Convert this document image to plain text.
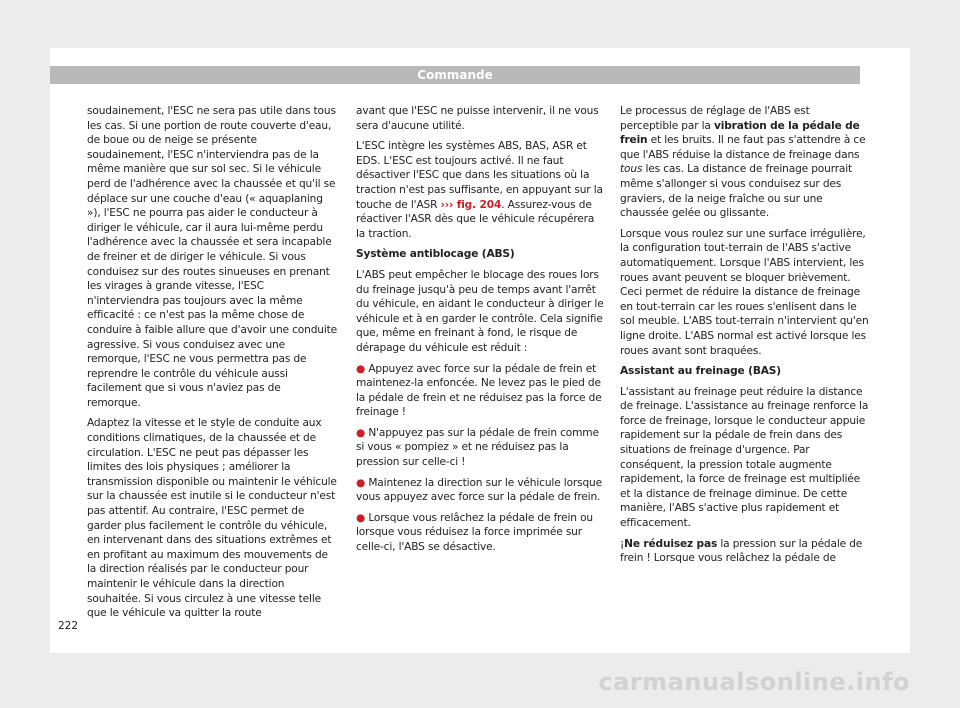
Commande

soudainement, l'ESC ne sera pas utile dans tous les cas. Si une portion de route couverte d'eau, de boue ou de neige se présente soudainement, l'ESC n'interviendra pas de la même manière que sur sol sec. Si le véhicule perd de l'adhérence avec la chaussée et qu'il se déplace sur une couche d'eau (« aquaplaning »), l'ESC ne pourra pas aider le conducteur à diriger le véhicule, car il aura lui-même perdu l'adhérence avec la chaussée et sera incapable de freiner et de diriger le véhicule. Si vous conduisez sur des routes sinueuses en prenant les virages à grande vitesse, l'ESC n'interviendra pas toujours avec la même efficacité : ce n'est pas la même chose de conduire à faible allure que d'avoir une conduite agressive. Si vous conduisez avec une remorque, l'ESC ne vous permettra pas de reprendre le contrôle du véhicule aussi facilement que si vous n'aviez pas de remorque.

Adaptez la vitesse et le style de conduite aux conditions climatiques, de la chaussée et de circulation. L'ESC ne peut pas dépasser les limites des lois physiques ; améliorer la transmission disponible ou maintenir le véhicule sur la chaussée est inutile si le conducteur n'est pas attentif. Au contraire, l'ESC permet de garder plus facilement le contrôle du véhicule, en intervenant dans des situations extrêmes et en profitant au maximum des mouvements de la direction réalisés par le conducteur pour maintenir le véhicule dans la direction souhaitée. Si vous circulez à une vitesse telle que le véhicule va quitter la route

avant que l'ESC ne puisse intervenir, il ne vous sera d'aucune utilité.

L'ESC intègre les systèmes ABS, BAS, ASR et EDS. L'ESC est toujours activé. Il ne faut désactiver l'ESC que dans les situations où la traction n'est pas suffisante, en appuyant sur la touche de l'ASR ››› fig. 204. Assurez-vous de réactiver l'ASR dès que le véhicule récupérera la traction.

Système antiblocage (ABS)

L'ABS peut empêcher le blocage des roues lors du freinage jusqu'à peu de temps avant l'arrêt du véhicule, en aidant le conducteur à diriger le véhicule et à en garder le contrôle. Cela signifie que, même en freinant à fond, le risque de dérapage du véhicule est réduit :

● Appuyez avec force sur la pédale de frein et maintenez-la enfoncée. Ne levez pas le pied de la pédale de frein et ne réduisez pas la force de freinage !

● N'appuyez pas sur la pédale de frein comme si vous « pompiez » et ne réduisez pas la pression sur celle-ci !

● Maintenez la direction sur le véhicule lorsque vous appuyez avec force sur la pédale de frein.

● Lorsque vous relâchez la pédale de frein ou lorsque vous réduisez la force imprimée sur celle-ci, l'ABS se désactive.

Le processus de réglage de l'ABS est perceptible par la vibration de la pédale de frein et les bruits. Il ne faut pas s'attendre à ce que l'ABS réduise la distance de freinage dans tous les cas. La distance de freinage pourrait même s'allonger si vous conduisez sur des graviers, de la neige fraîche ou sur une chaussée gelée ou glissante.

Lorsque vous roulez sur une surface irrégulière, la configuration tout-terrain de l'ABS s'active automatiquement. Lorsque l'ABS intervient, les roues avant peuvent se bloquer brièvement. Ceci permet de réduire la distance de freinage en tout-terrain car les roues s'enlisent dans le sol meuble. L'ABS tout-terrain n'intervient qu'en ligne droite. L'ABS normal est activé lorsque les roues avant sont braquées.

Assistant au freinage (BAS)

L'assistant au freinage peut réduire la distance de freinage. L'assistance au freinage renforce la force de freinage, lorsque le conducteur appuie rapidement sur la pédale de frein dans des situations de freinage d'urgence. Par conséquent, la pression totale augmente rapidement, la force de freinage est multipliée et la distance de freinage diminue. De cette manière, l'ABS s'active plus rapidement et efficacement.

¡Ne réduisez pas la pression sur la pédale de frein ! Lorsque vous relâchez la pédale de

222
carmanualsonline.info
